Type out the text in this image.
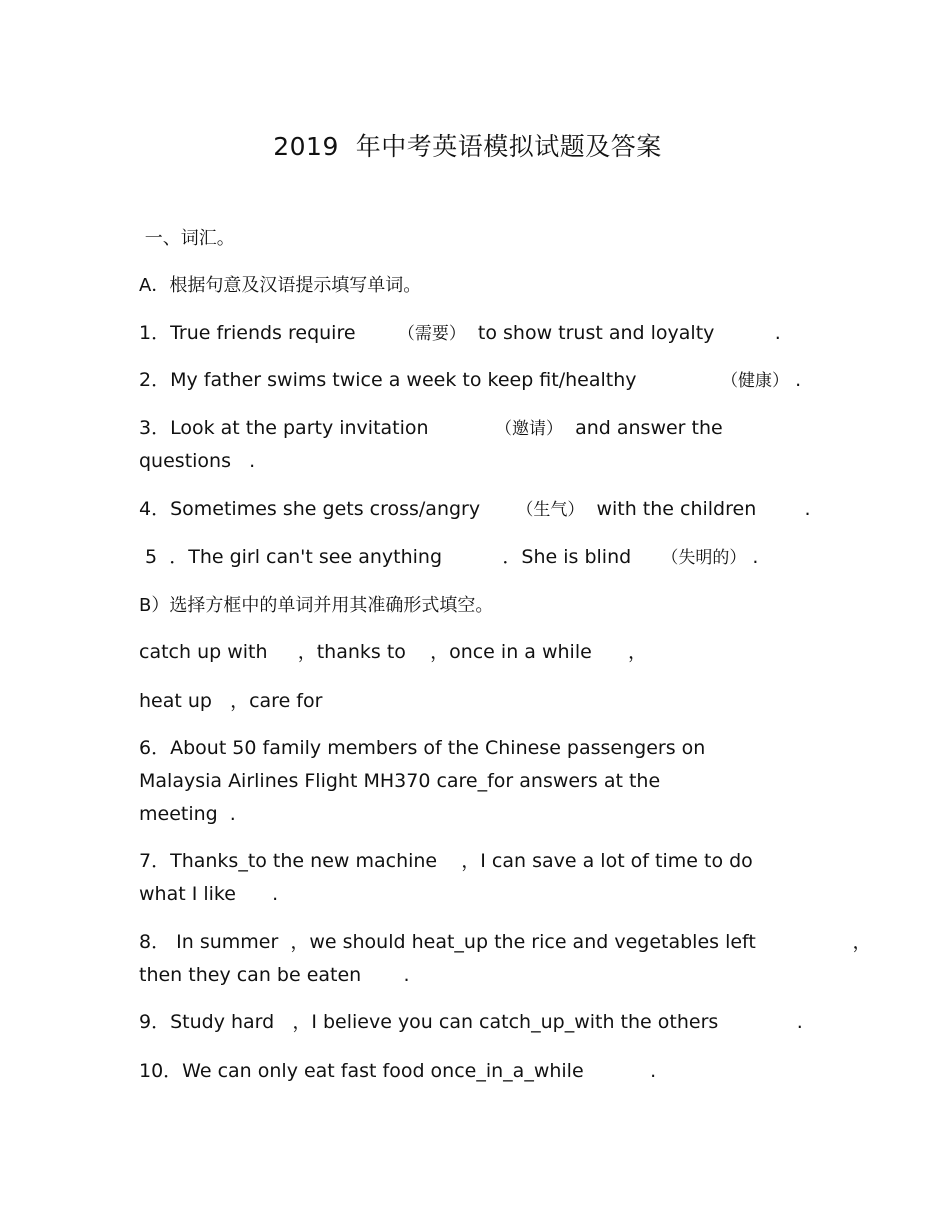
2019  年中考英语模拟试题及答案
一、词汇。
A．根据句意及汉语提示填写单词。
1．True friends require       （需要）  to show trust and loyalty          .
2．My father swims twice a week to keep fit/healthy              （健康） .
3．Look at the party invitation           （邀请）  and answer the
questions   .
4．Sometimes she gets cross/angry      （生气）  with the children        .
5  ．The girl can't see anything          ．She is blind     （失明的） .
B）选择方框中的单词并用其准确形式填空。
catch up with     ，thanks to    ，once in a while      ，
heat up   ，care for
6．About 50 family members of the Chinese passengers on
Malaysia Airlines Flight MH370 care_for answers at the
meeting  .
7．Thanks_to the new machine    ，I can save a lot of time to do
what I like      .
8． In summer  ，we should heat_up the rice and vegetables left                ，
then they can be eaten       .
9．Study hard   ，I believe you can catch_up_with the others             .
10．We can only eat fast food once_in_a_while           .
